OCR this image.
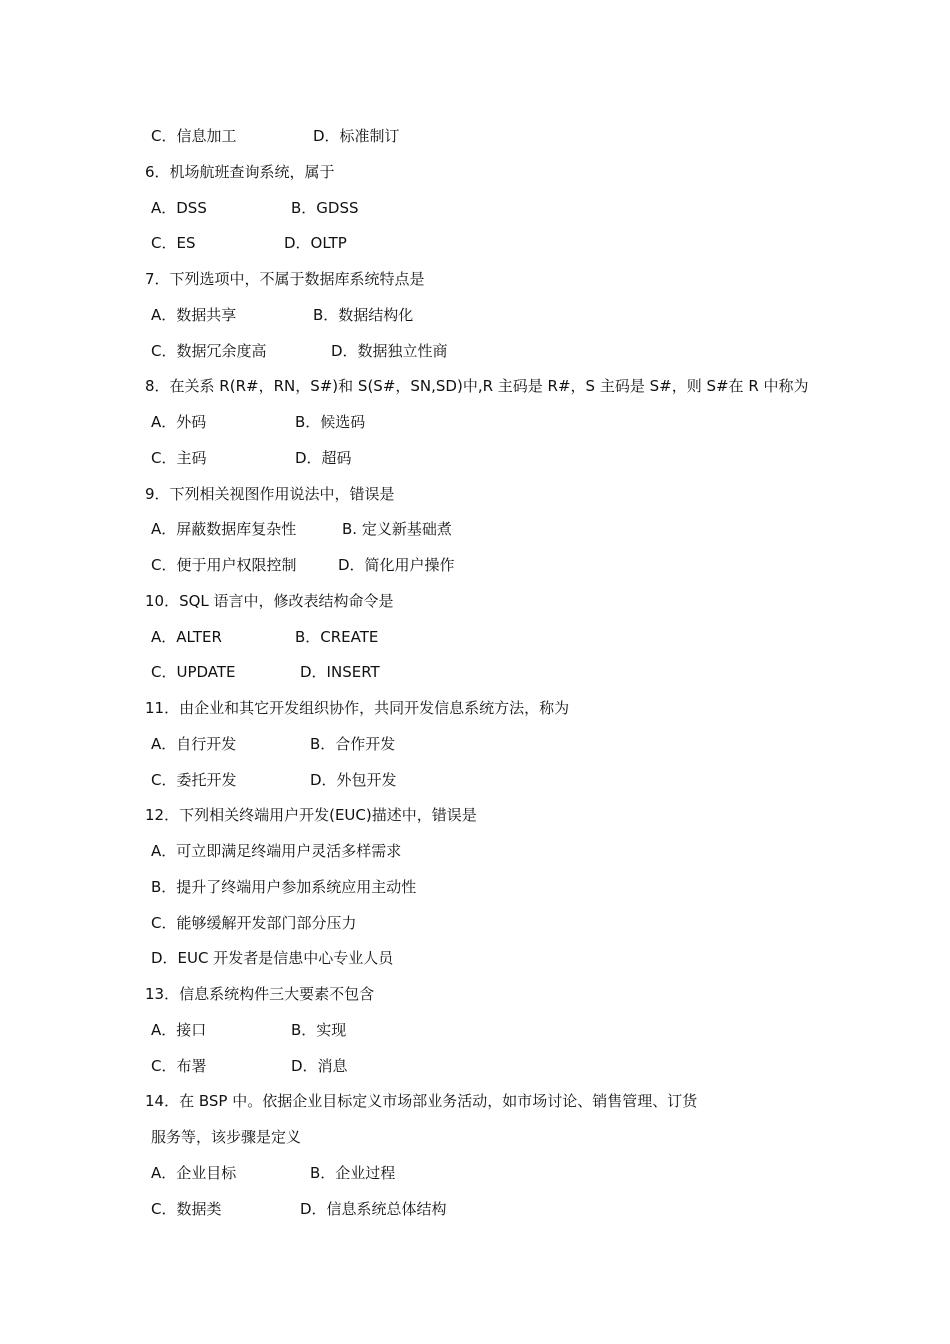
C．信息加工	D．标准制订
6．机场航班查询系统，属于
A．DSS	B．GDSS
C．ES	D．OLTP
7．下列选项中，不属于数据库系统特点是
A．数据共享	B．数据结构化
C．数据冗余度高	D．数据独立性商
8．在关系 R(R#，RN，S#)和 S(S#，SN,SD)中,R 主码是 R#，S 主码是 S#，则 S#在 R 中称为
A．外码	B．候选码
C．主码	D．超码
9．下列相关视图作用说法中，错误是
A．屏蔽数据库复杂性	B. 定义新基础煮
C．便于用户权限控制	D．简化用户操作
10．SQL 语言中，修改表结构命令是
A．ALTER	B．CREATE
C．UPDATE	D．INSERT
11．由企业和其它开发组织协作，共同开发信息系统方法，称为
A．自行开发	B．合作开发
C．委托开发	D．外包开发
12．下列相关终端用户开发(EUC)描述中，错误是
A．可立即满足终端用户灵活多样需求
B．提升了终端用户参加系统应用主动性
C．能够缓解开发部门部分压力
D．EUC 开发者是信患中心专业人员
13．信息系统构件三大要素不包含
A．接口	B．实现
C．布署	D．消息
14．在 BSP 中。依据企业目标定义市场部业务活动，如市场讨论、销售管理、订货
服务等，该步骤是定义
A．企业目标	B．企业过程
C．数据类	D．信息系统总体结构
